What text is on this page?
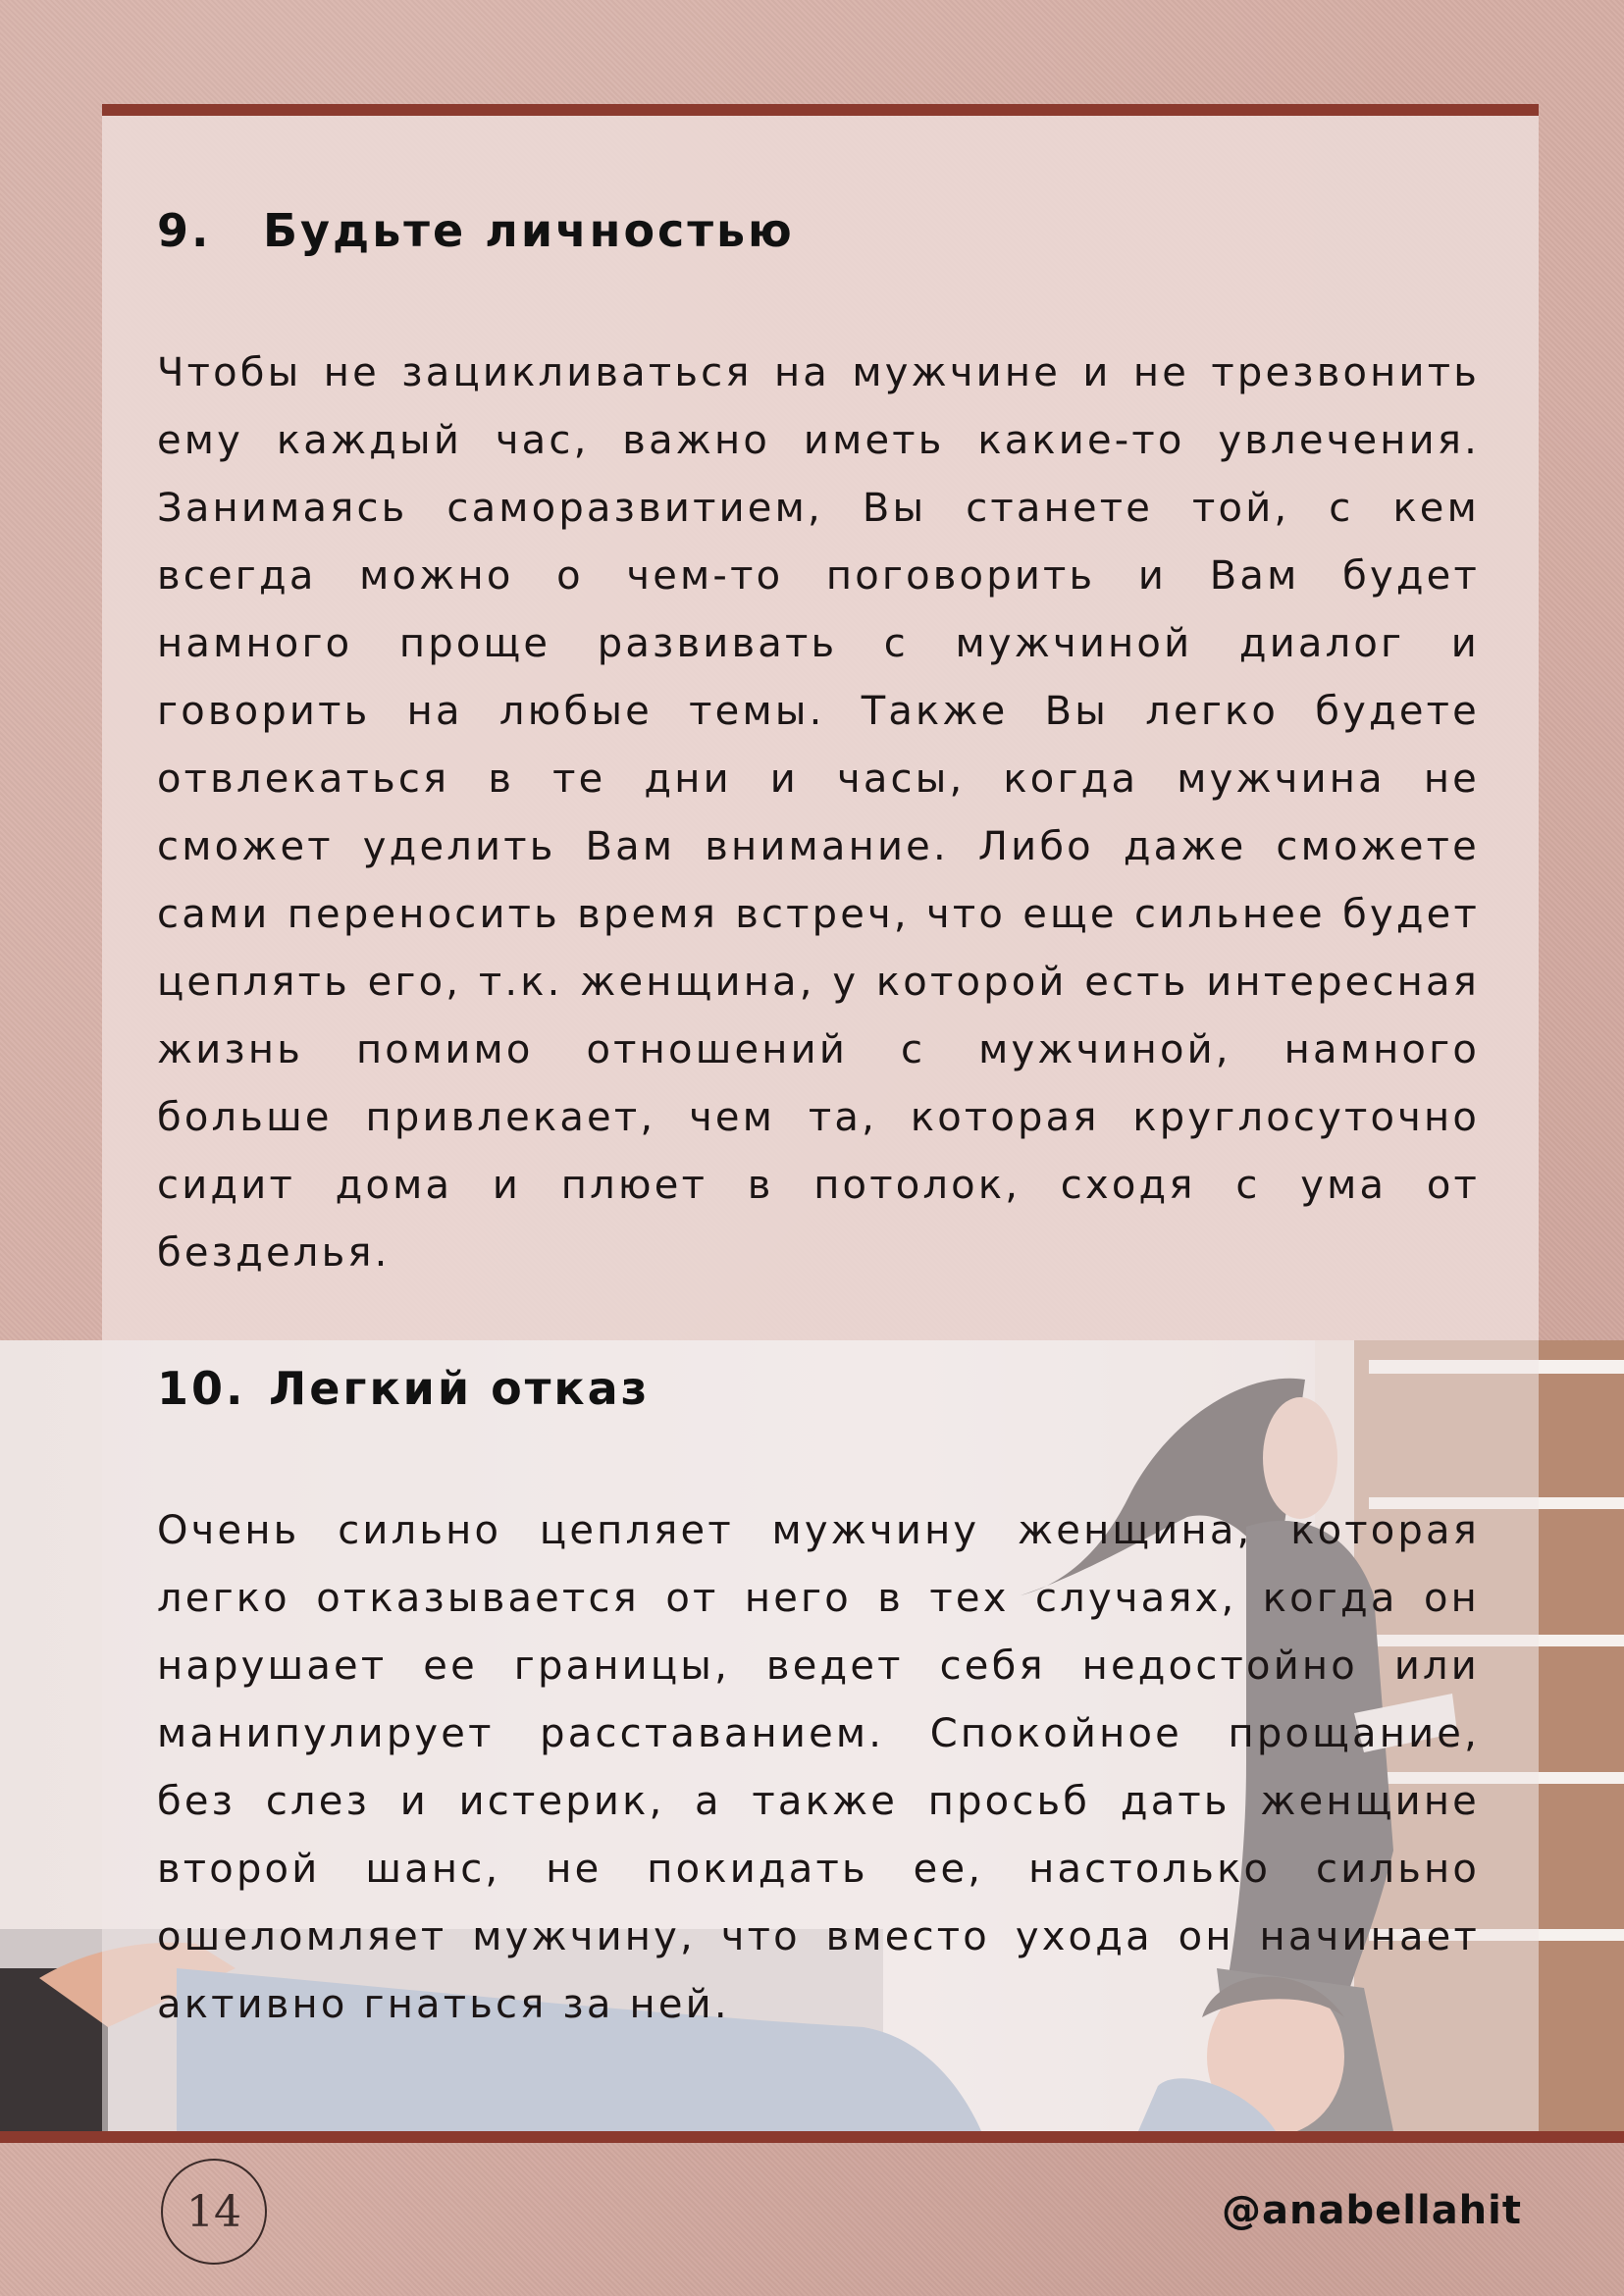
9.	Будьте личностью

Чтобы не зацикливаться на мужчине и не трезвонить ему каждый час, важно иметь какие-то увлечения. Занимаясь саморазвитием, Вы станете той, с кем всегда можно о чем-то поговорить и Вам будет намного проще развивать с мужчиной диалог и говорить на любые темы. Также Вы легко будете отвлекаться в те дни и часы, когда мужчина не сможет уделить Вам внимание. Либо даже сможете сами переносить время встреч, что еще сильнее будет цеплять его, т.к. женщина, у которой есть интересная жизнь помимо отношений с мужчиной, намного больше привлекает, чем та, которая круглосуточно сидит дома и плюет в потолок, сходя с ума от безделья.

10. Легкий отказ

Очень сильно цепляет мужчину женщина, которая легко отказывается от него в тех случаях, когда он нарушает ее границы, ведет себя недостойно или манипулирует расставанием. Спокойное прощание, без слез и истерик, а также просьб дать женщине второй шанс, не покидать ее, настолько сильно ошеломляет мужчину, что вместо ухода он начинает активно гнаться за ней.

14	@anabellahit
